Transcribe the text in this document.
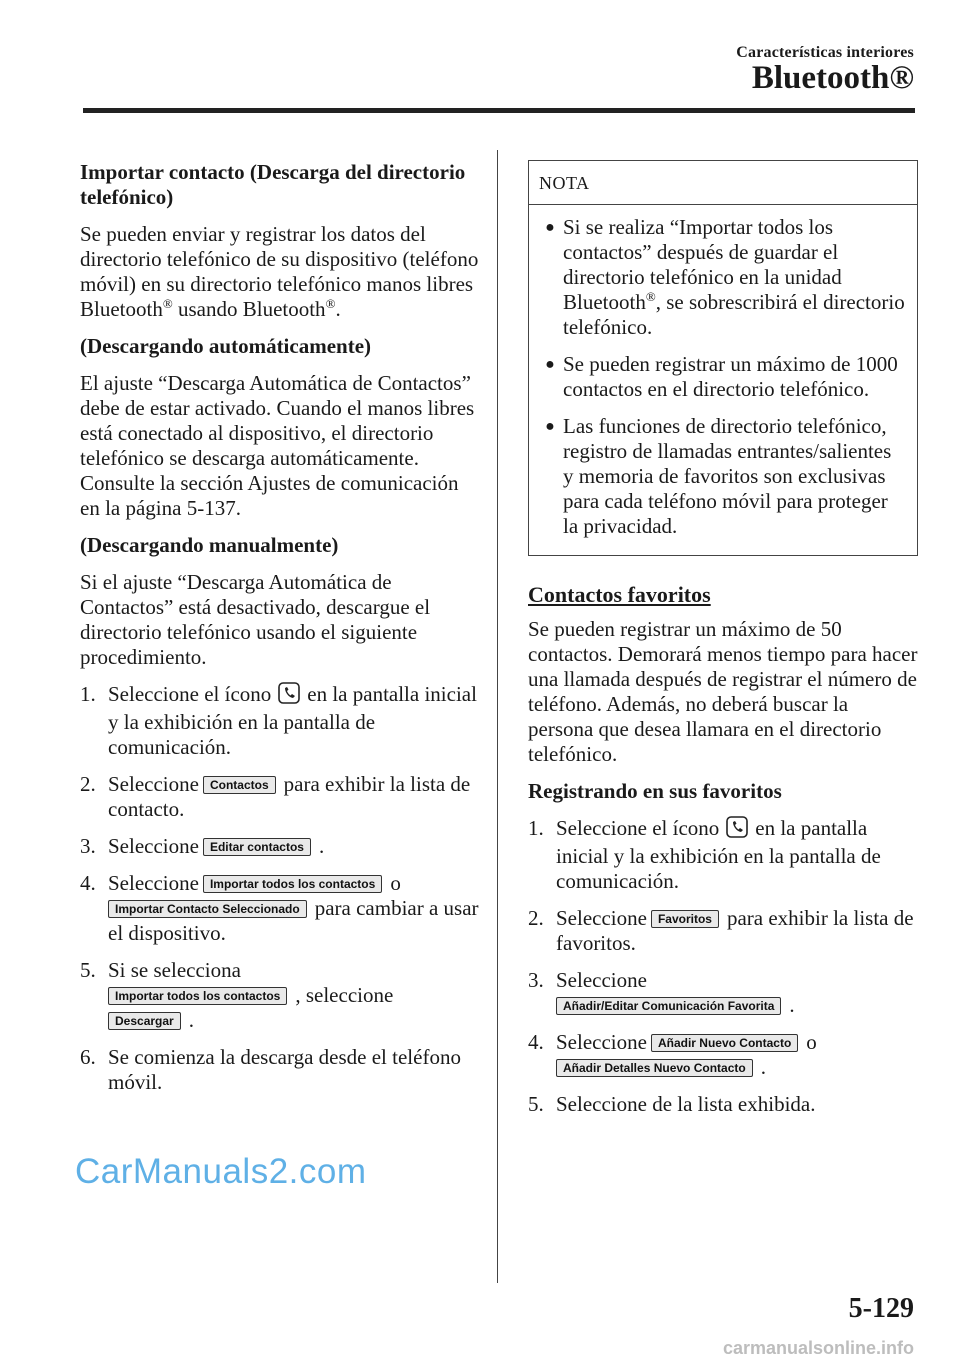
Características interiores
Bluetooth®
Importar contacto (Descarga del directorio telefónico)

Se pueden enviar y registrar los datos del directorio telefónico de su dispositivo (teléfono móvil) en su directorio telefónico manos libres Bluetooth® usando Bluetooth®.

(Descargando automáticamente)

El ajuste “Descarga Automática de Contactos” debe de estar activado. Cuando el manos libres está conectado al dispositivo, el directorio telefónico se descarga automáticamente.
Consulte la sección Ajustes de comunicación en la página 5-137.

(Descargando manualmente)

Si el ajuste “Descarga Automática de Contactos” está desactivado, descargue el directorio telefónico usando el siguiente procedimiento.

1. Seleccione el ícono en la pantalla inicial y la exhibición en la pantalla de comunicación.
2. Seleccione Contactos para exhibir la lista de contacto.
3. Seleccione Editar contactos .
4. Seleccione Importar todos los contactos o
Importar Contacto Seleccionado para cambiar a usar el dispositivo.
5. Si se selecciona
Importar todos los contactos , seleccione
Descargar .
6. Se comienza la descarga desde el teléfono móvil.
NOTA
● Si se realiza “Importar todos los contactos” después de guardar el directorio telefónico en la unidad Bluetooth®, se sobrescribirá el directorio telefónico.
● Se pueden registrar un máximo de 1000 contactos en el directorio telefónico.
● Las funciones de directorio telefónico, registro de llamadas entrantes/salientes y memoria de favoritos son exclusivas para cada teléfono móvil para proteger la privacidad.
Contactos favoritos

Se pueden registrar un máximo de 50 contactos. Demorará menos tiempo para hacer una llamada después de registrar el número de teléfono. Además, no deberá buscar la persona que desea llamara en el directorio telefónico.

Registrando en sus favoritos
1. Seleccione el ícono en la pantalla inicial y la exhibición en la pantalla de comunicación.
2. Seleccione Favoritos para exhibir la lista de favoritos.
3. Seleccione
Añadir/Editar Comunicación Favorita .
4. Seleccione Añadir Nuevo Contacto o
Añadir Detalles Nuevo Contacto .
5. Seleccione de la lista exhibida.
CarManuals2.com
5-129
carmanualsonline.info
